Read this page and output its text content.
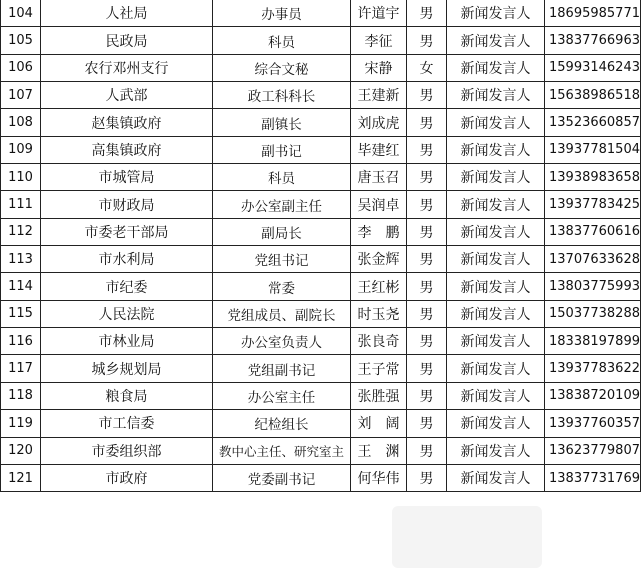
104	人社局	办事员	许道宇	男	新闻发言人	18695985771
105	民政局	科员	李征	男	新闻发言人	13837766963
106	农行邓州支行	综合文秘	宋静	女	新闻发言人	15993146243
107	人武部	政工科科长	王建新	男	新闻发言人	15638986518
108	赵集镇政府	副镇长	刘成虎	男	新闻发言人	13523660857
109	高集镇政府	副书记	毕建红	男	新闻发言人	13937781504
110	市城管局	科员	唐玉召	男	新闻发言人	13938983658
111	市财政局	办公室副主任	吴润卓	男	新闻发言人	13937783425
112	市委老干部局	副局长	李　鹏	男	新闻发言人	13837760616
113	市水利局	党组书记	张金辉	男	新闻发言人	13707633628
114	市纪委	常委	王红彬	男	新闻发言人	13803775993
115	人民法院	党组成员、副院长	时玉尧	男	新闻发言人	15037738288
116	市林业局	办公室负责人	张良奇	男	新闻发言人	18338197899
117	城乡规划局	党组副书记	王子常	男	新闻发言人	13937783622
118	粮食局	办公室主任	张胜强	男	新闻发言人	13838720109
119	市工信委	纪检组长	刘　阔	男	新闻发言人	13937760357
120	市委组织部	教中心主任、研究室主	王　渊	男	新闻发言人	13623779807
121	市政府	党委副书记	何华伟	男	新闻发言人	13837731769
